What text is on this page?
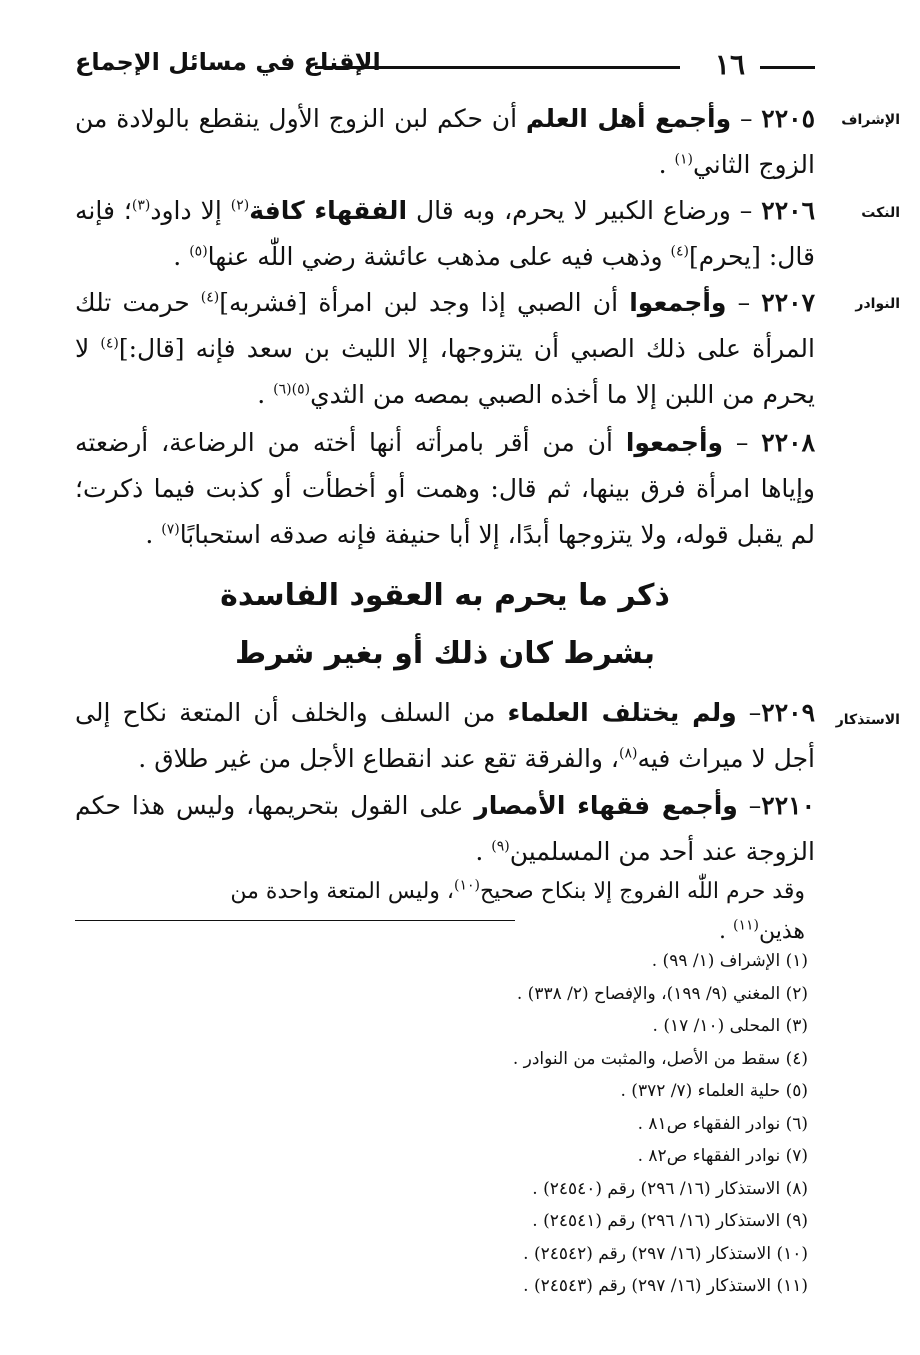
١٦
الإقناع في مسائل الإجماع
الإشراف
٢٢٠٥ – وأجمع أهل العلم أن حكم لبن الزوج الأول ينقطع بالولادة من الزوج الثاني$^{(١)}$ .
النكت
٢٢٠٦ – ورضاع الكبير لا يحرم، وبه قال الفقهاء كافة$^{(٢)}$ إلا داود$^{(٣)}$؛ فإنه قال: [يحرم]$^{(٤)}$ وذهب فيه على مذهب عائشة رضي اللّٰه عنها$^{(٥)}$ .
النوادر
٢٢٠٧ – وأجمعوا أن الصبي إذا وجد لبن امرأة [فشربه]$^{(٤)}$ حرمت تلك المرأة على ذلك الصبي أن يتزوجها، إلا الليث بن سعد فإنه [قال:]$^{(٤)}$ لا يحرم من اللبن إلا ما أخذه الصبي بمصه من الثدي$^{(٥)(٦)}$ .
٢٢٠٨ – وأجمعوا أن من أقر بامرأته أنها أخته من الرضاعة، أرضعته وإياها امرأة فرق بينها، ثم قال: وهمت أو أخطأت أو كذبت فيما ذكرت؛ لم يقبل قوله، ولا يتزوجها أبدًا، إلا أبا حنيفة فإنه صدقه استحبابًا$^{(٧)}$ .
ذكر ما يحرم به العقود الفاسدة
بشرط كان ذلك أو بغير شرط
الاستذكار
٢٢٠٩– ولم يختلف العلماء من السلف والخلف أن المتعة نكاح إلى أجل لا ميراث فيه$^{(٨)}$، والفرقة تقع عند انقطاع الأجل من غير طلاق .
٢٢١٠– وأجمع فقهاء الأمصار على القول بتحريمها، وليس هذا حكم الزوجة عند أحد من المسلمين$^{(٩)}$ .
وقد حرم اللّٰه الفروج إلا بنكاح صحيح$^{(١٠)}$، وليس المتعة واحدة من هذين$^{(١١)}$ .
(١) الإشراف (١/ ٩٩) .
(٢) المغني (٩/ ١٩٩)، والإفصاح (٢/ ٣٣٨) .
(٣) المحلى (١٠/ ١٧) .
(٤) سقط من الأصل، والمثبت من النوادر .
(٥) حلية العلماء (٧/ ٣٧٢) .
(٦) نوادر الفقهاء ص٨١ .
(٧) نوادر الفقهاء ص٨٢ .
(٨) الاستذكار (١٦/ ٢٩٦) رقم (٢٤٥٤٠) .
(٩) الاستذكار (١٦/ ٢٩٦) رقم (٢٤٥٤١) .
(١٠) الاستذكار (١٦/ ٢٩٧) رقم (٢٤٥٤٢) .
(١١) الاستذكار (١٦/ ٢٩٧) رقم (٢٤٥٤٣) .
